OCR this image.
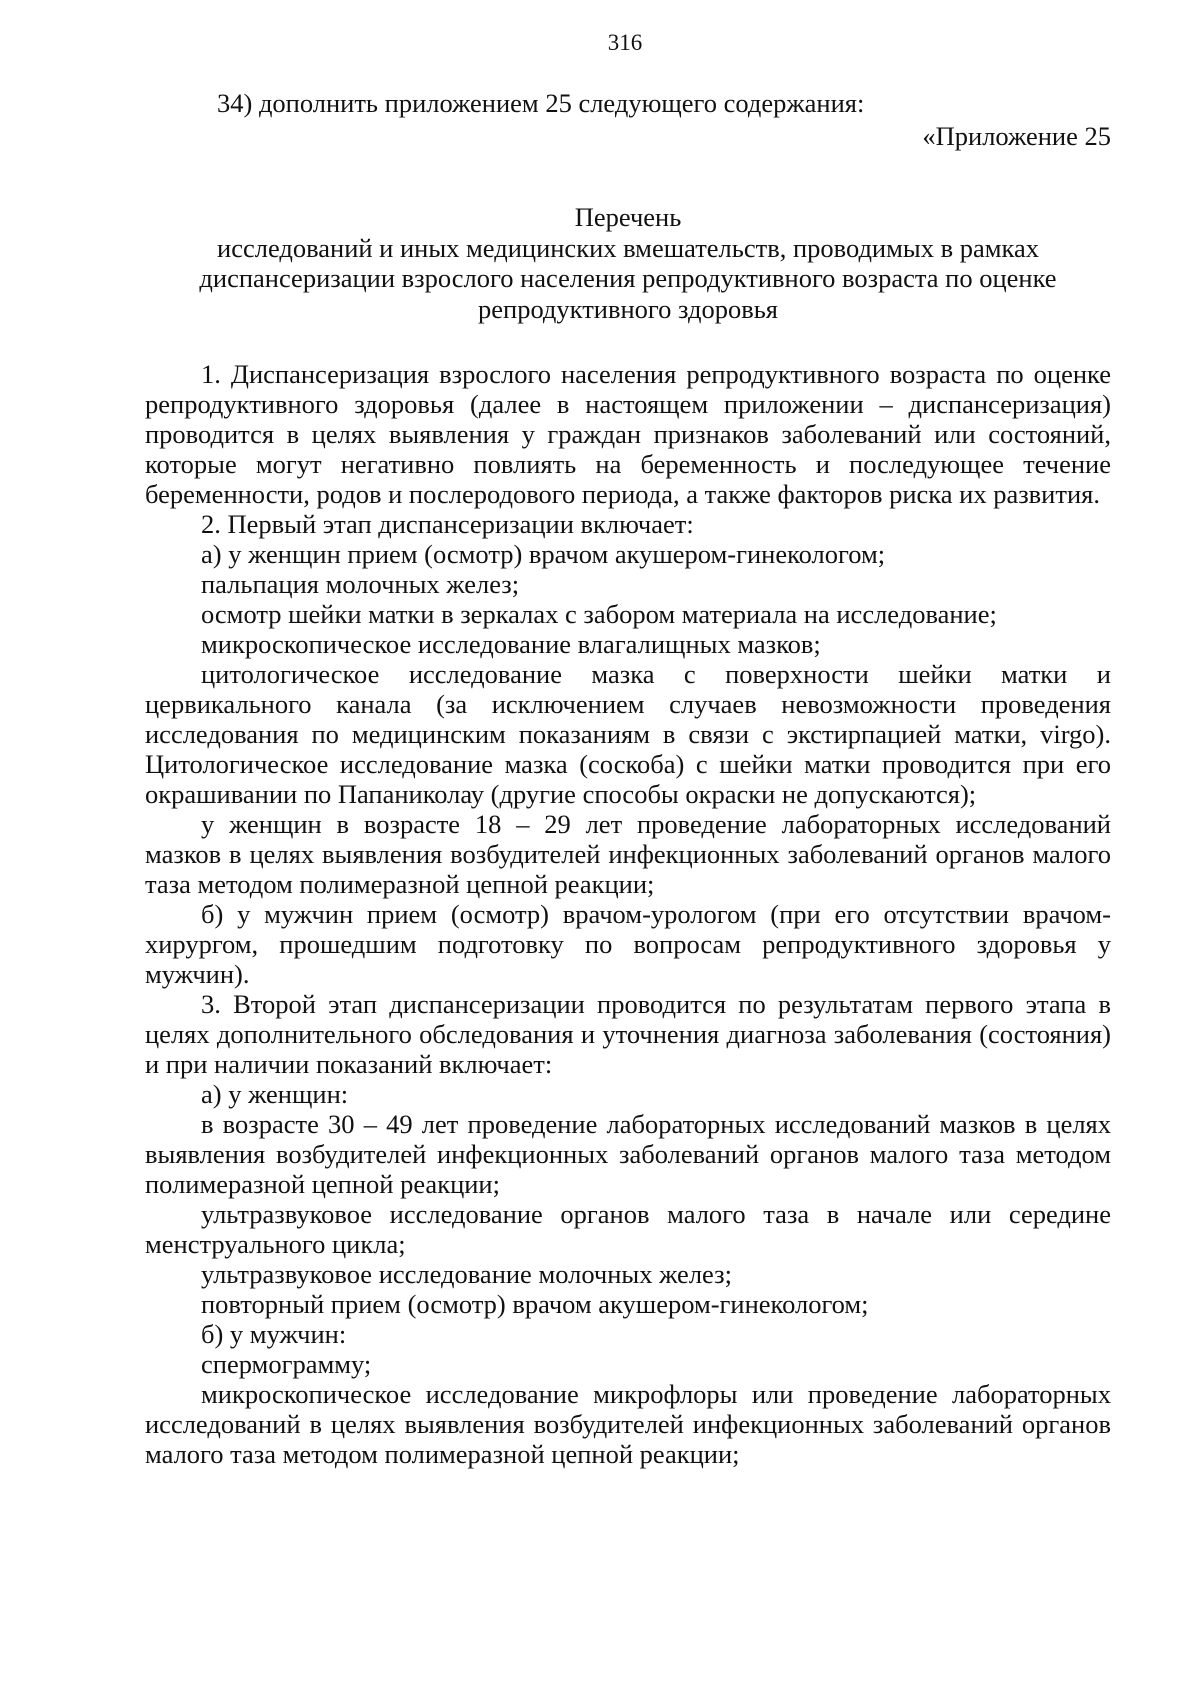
316

34) дополнить приложением 25 следующего содержания:

«Приложение 25

Перечень
исследований и иных медицинских вмешательств, проводимых в рамках диспансеризации взрослого населения репродуктивного возраста по оценке репродуктивного здоровья

1. Диспансеризация взрослого населения репродуктивного возраста по оценке репродуктивного здоровья (далее в настоящем приложении – диспансеризация) проводится в целях выявления у граждан признаков заболеваний или состояний, которые могут негативно повлиять на беременность и последующее течение беременности, родов и послеродового периода, а также факторов риска их развития.

2. Первый этап диспансеризации включает:

а) у женщин прием (осмотр) врачом акушером-гинекологом;

пальпация молочных желез;

осмотр шейки матки в зеркалах с забором материала на исследование;

микроскопическое исследование влагалищных мазков;

цитологическое исследование мазка с поверхности шейки матки и цервикального канала (за исключением случаев невозможности проведения исследования по медицинским показаниям в связи с экстирпацией матки, virgo). Цитологическое исследование мазка (соскоба) с шейки матки проводится при его окрашивании по Папаниколау (другие способы окраски не допускаются);

у женщин в возрасте 18 – 29 лет проведение лабораторных исследований мазков в целях выявления возбудителей инфекционных заболеваний органов малого таза методом полимеразной цепной реакции;

б) у мужчин прием (осмотр) врачом-урологом (при его отсутствии врачом-хирургом, прошедшим подготовку по вопросам репродуктивного здоровья у мужчин).

3. Второй этап диспансеризации проводится по результатам первого этапа в целях дополнительного обследования и уточнения диагноза заболевания (состояния) и при наличии показаний включает:

а) у женщин:

в возрасте 30 – 49 лет проведение лабораторных исследований мазков в целях выявления возбудителей инфекционных заболеваний органов малого таза методом полимеразной цепной реакции;

ультразвуковое исследование органов малого таза в начале или середине менструального цикла;

ультразвуковое исследование молочных желез;

повторный прием (осмотр) врачом акушером-гинекологом;

б) у мужчин:

спермограмму;

микроскопическое исследование микрофлоры или проведение лабораторных исследований в целях выявления возбудителей инфекционных заболеваний органов малого таза методом полимеразной цепной реакции;
